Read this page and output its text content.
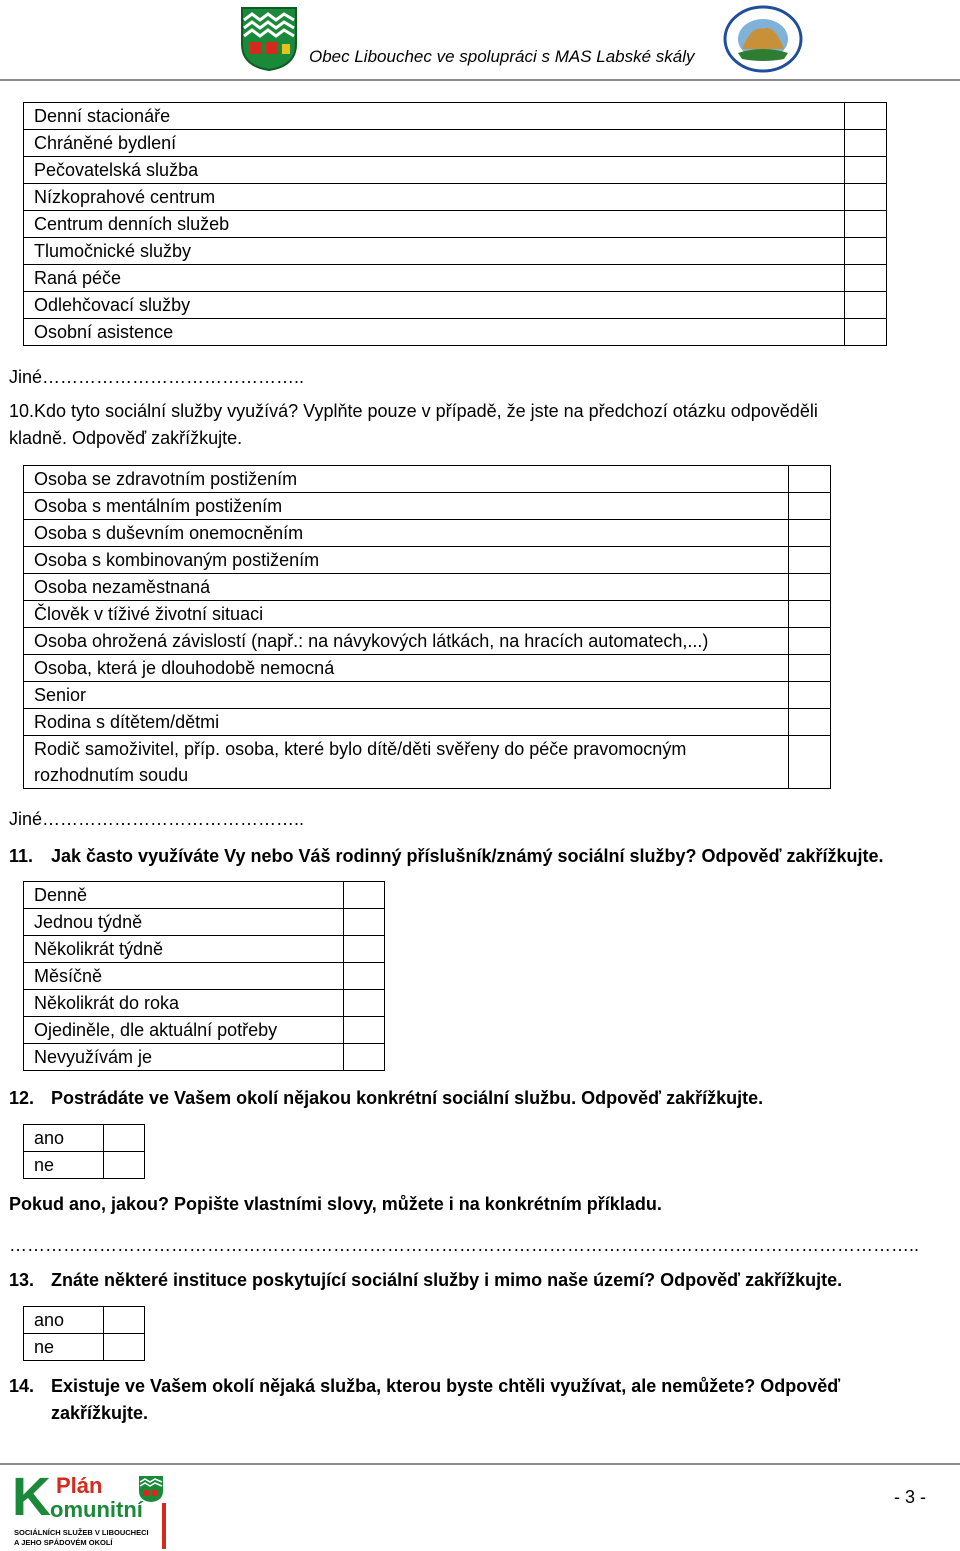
Obec Libouchec ve spolupráci s MAS Labské skály
Denní stacionáře	
Chráněné bydlení	
Pečovatelská služba	
Nízkoprahové centrum	
Centrum denních služeb	
Tlumočnické služby	
Raná péče	
Odlehčovací služby	
Osobní asistence	
Jiné……………………………………..
10.Kdo tyto sociální služby využívá? Vyplňte pouze v případě, že jste na předchozí otázku odpověděli
kladně. Odpověď zakřížkujte.
Osoba se zdravotním postižením	
Osoba s mentálním postižením	
Osoba s duševním onemocněním	
Osoba s kombinovaným postižením	
Osoba nezaměstnaná	
Člověk v tíživé životní situaci	
Osoba ohrožená závislostí (např.: na návykových látkách, na hracích automatech,...)	
Osoba, která je dlouhodobě nemocná	
Senior	
Rodina s dítětem/dětmi	
Rodič samoživitel, příp. osoba, které bylo dítě/děti svěřeny do péče pravomocným
rozhodnutím soudu	
Jiné……………………………………..
11. Jak často využíváte Vy nebo Váš rodinný příslušník/známý sociální služby? Odpověď zakřížkujte.
Denně	
Jednou týdně	
Několikrát týdně	
Měsíčně	
Několikrát do roka	
Ojediněle, dle aktuální potřeby	
Nevyužívám je	
12. Postrádáte ve Vašem okolí nějakou konkrétní sociální službu. Odpověď zakřížkujte.
ano	
ne	
Pokud ano, jakou? Popište vlastními slovy, můžete i na konkrétním příkladu.
……………………………………………………………………………………………………………………………………..
13. Znáte některé instituce poskytující sociální služby i mimo naše území? Odpověď zakřížkujte.
ano	
ne	
14. Existuje ve Vašem okolí nějaká služba, kterou byste chtěli využívat, ale nemůžete? Odpověď
zakřížkujte.
K Plán
omunitní
SOCIÁLNÍCH SLUŽEB V LIBOUCHECI
A JEHO SPÁDOVÉM OKOLÍ
- 3 -
